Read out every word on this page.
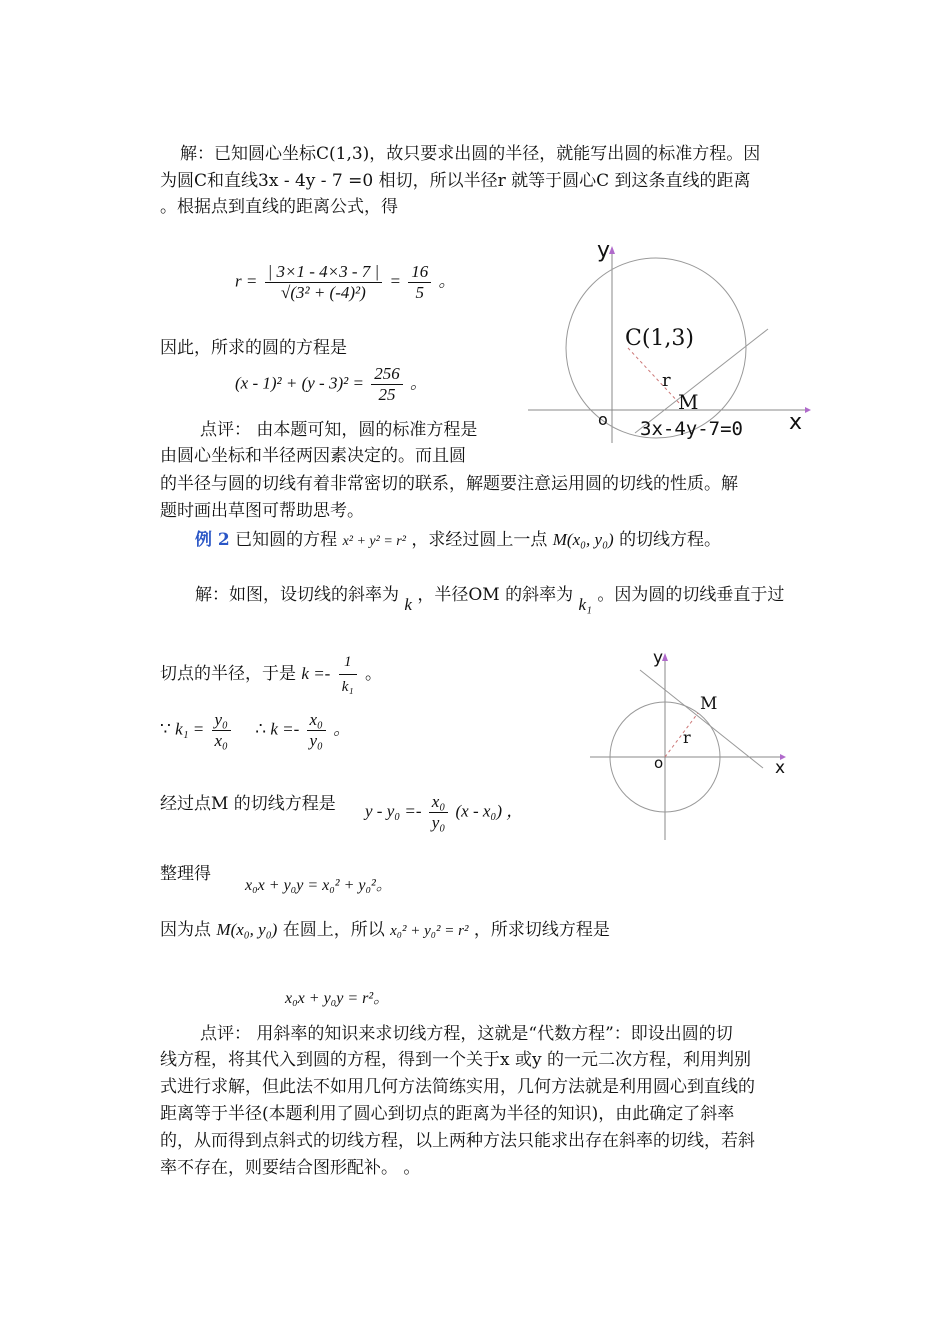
解：已知圆心坐标C(1,3)，故只要求出圆的半径，就能写出圆的标准方程。因
为圆C和直线3x - 4y - 7 =0 相切，所以半径r 就等于圆心C 到这条直线的距离
。根据点到直线的距离公式，得
$r = \frac{| 3\times 1 - 4\times 3 - 7 |}{\text{√(3² + (-4)²)}} = \frac{16}{5}$ 。
因此，所求的圆的方程是
$(x - 1)^2 + (y - 3)^2 = \frac{256}{25}$ 。
点评： 由本题可知，圆的标准方程是
由圆心坐标和半径两因素决定的。而且圆
的半径与圆的切线有着非常密切的联系，解题要注意运用圆的切线的性质。解
题时画出草图可帮助思考。
例 2 已知圆的方程 x² + y² = r² ，求经过圆上一点 M(x₀, y₀) 的切线方程。
解：如图，设切线的斜率为 k ，半径OM 的斜率为 k₁ 。因为圆的切线垂直于过
切点的半径，于是 $k =- \frac{1}{\text{k₁}}$ 。
∵ $k_1 = \frac{\text{y₀}}{\text{x₀}}$ ∴ $k =- \frac{\text{x₀}}{\text{y₀}}$ 。
经过点M 的切线方程是 $y - y_0 =- \frac{\text{x₀}}{\text{y₀}} (x - x_0)$ ，
整理得
x₀x + y₀y = x₀² + y₀²。
因为点 M(x₀, y₀) 在圆上，所以 x₀² + y₀² = r² ，所求切线方程是
x₀x + y₀y = r²。
点评： 用斜率的知识来求切线方程，这就是“代数方程”：即设出圆的切
线方程，将其代入到圆的方程，得到一个关于x 或y 的一元二次方程，利用判别
式进行求解，但此法不如用几何方法简练实用，几何方法就是利用圆心到直线的
距离等于半径(本题利用了圆心到切点的距离为半径的知识)，由此确定了斜率
的，从而得到点斜式的切线方程，以上两种方法只能求出存在斜率的切线，若斜
率不存在，则要结合图形配补。 。
y
x
o
C(1,3)
r
M
3x-4y-7=0
y
x
o
M
r
